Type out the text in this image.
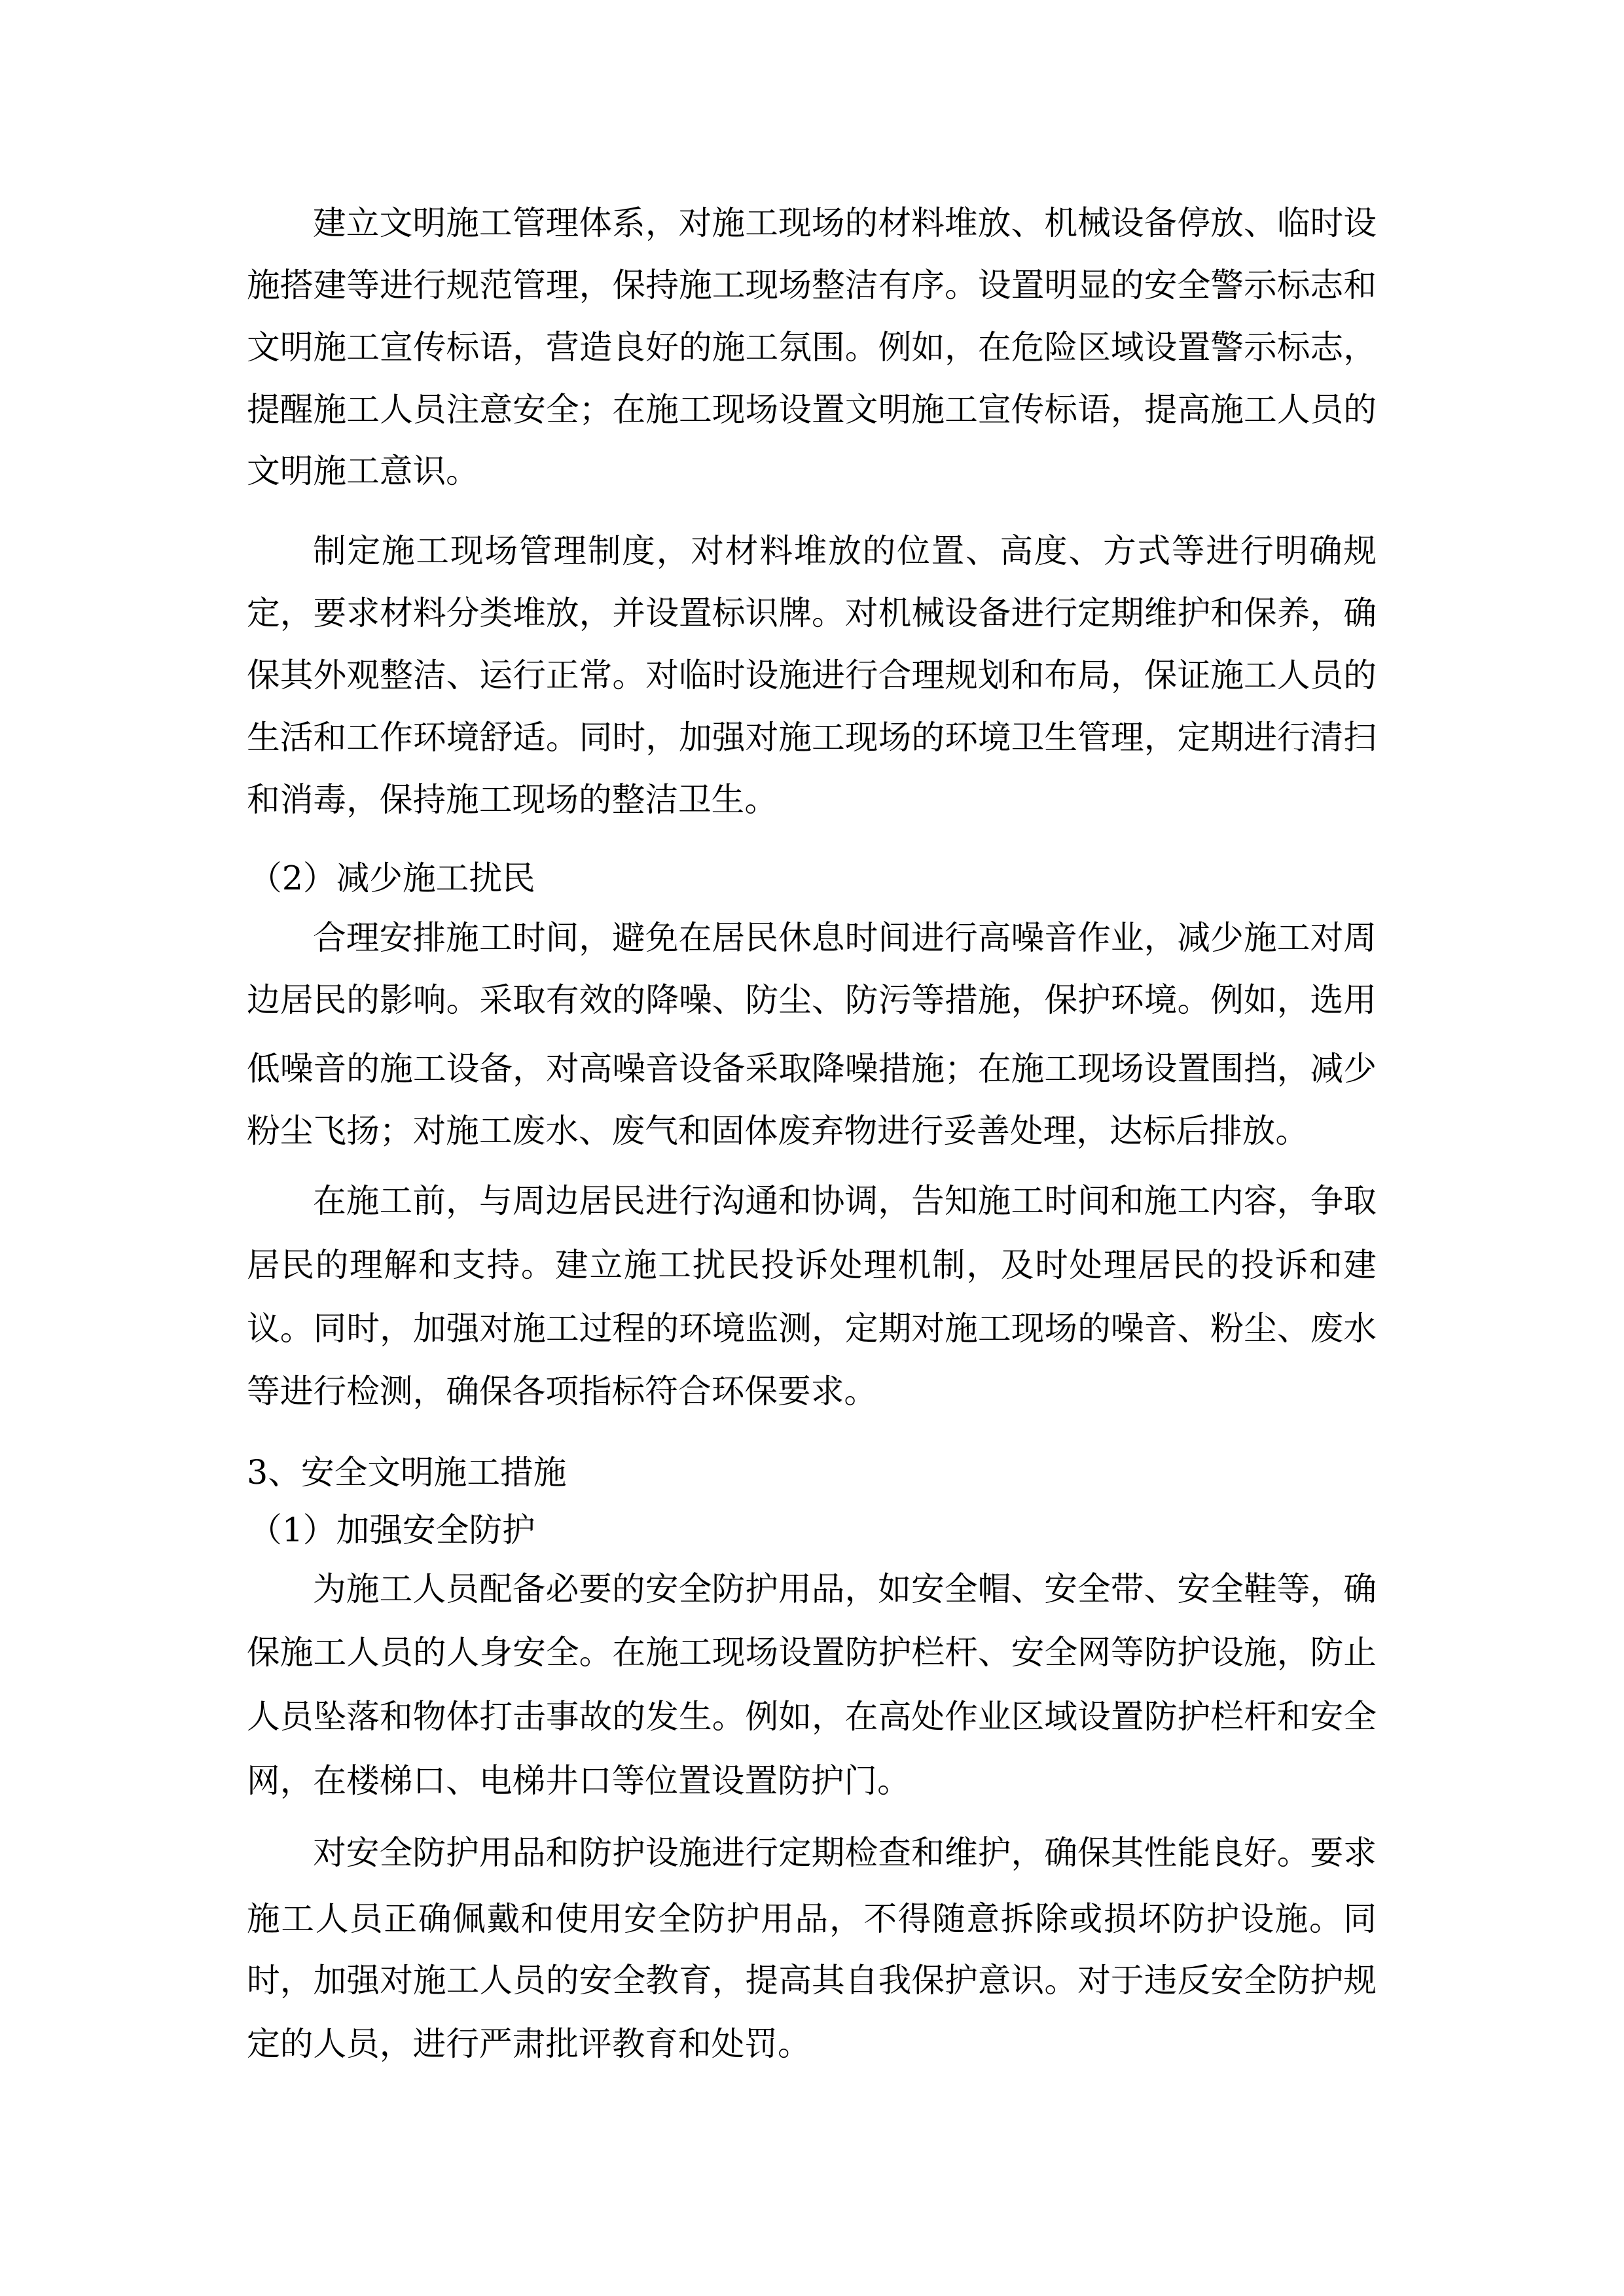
建立文明施工管理体系，对施工现场的材料堆放、机械设备停放、临时设
施搭建等进行规范管理，保持施工现场整洁有序。设置明显的安全警示标志和
文明施工宣传标语，营造良好的施工氛围。例如，在危险区域设置警示标志，
提醒施工人员注意安全；在施工现场设置文明施工宣传标语，提高施工人员的
文明施工意识。
制定施工现场管理制度，对材料堆放的位置、高度、方式等进行明确规
定，要求材料分类堆放，并设置标识牌。对机械设备进行定期维护和保养，确
保其外观整洁、运行正常。对临时设施进行合理规划和布局，保证施工人员的
生活和工作环境舒适。同时，加强对施工现场的环境卫生管理，定期进行清扫
和消毒，保持施工现场的整洁卫生。
（2）减少施工扰民
合理安排施工时间，避免在居民休息时间进行高噪音作业，减少施工对周
边居民的影响。采取有效的降噪、防尘、防污等措施，保护环境。例如，选用
低噪音的施工设备，对高噪音设备采取降噪措施；在施工现场设置围挡，减少
粉尘飞扬；对施工废水、废气和固体废弃物进行妥善处理，达标后排放。
在施工前，与周边居民进行沟通和协调，告知施工时间和施工内容，争取
居民的理解和支持。建立施工扰民投诉处理机制，及时处理居民的投诉和建
议。同时，加强对施工过程的环境监测，定期对施工现场的噪音、粉尘、废水
等进行检测，确保各项指标符合环保要求。
3、安全文明施工措施
（1）加强安全防护
为施工人员配备必要的安全防护用品，如安全帽、安全带、安全鞋等，确
保施工人员的人身安全。在施工现场设置防护栏杆、安全网等防护设施，防止
人员坠落和物体打击事故的发生。例如，在高处作业区域设置防护栏杆和安全
网，在楼梯口、电梯井口等位置设置防护门。
对安全防护用品和防护设施进行定期检查和维护，确保其性能良好。要求
施工人员正确佩戴和使用安全防护用品，不得随意拆除或损坏防护设施。同
时，加强对施工人员的安全教育，提高其自我保护意识。对于违反安全防护规
定的人员，进行严肃批评教育和处罚。
